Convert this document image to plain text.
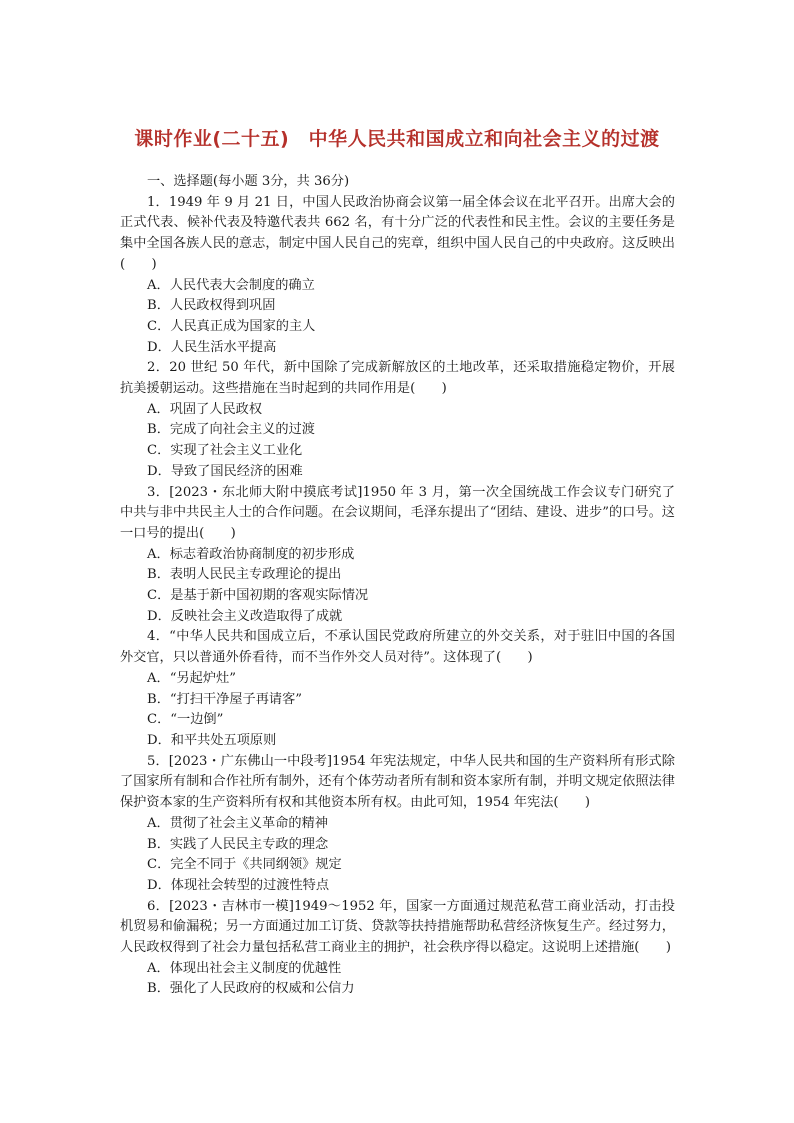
课时作业(二十五)　中华人民共和国成立和向社会主义的过渡

一、选择题(每小题 3分，共 36分)

1．1949 年 9 月 21 日，中国人民政治协商会议第一届全体会议在北平召开。出席大会的正式代表、候补代表及特邀代表共 662 名，有十分广泛的代表性和民主性。会议的主要任务是集中全国各族人民的意志，制定中国人民自己的宪章，组织中国人民自己的中央政府。这反映出(　　)

A．人民代表大会制度的确立

B．人民政权得到巩固

C．人民真正成为国家的主人

D．人民生活水平提高

2．20 世纪 50 年代，新中国除了完成新解放区的土地改革，还采取措施稳定物价，开展抗美援朝运动。这些措施在当时起到的共同作用是(　　)

A．巩固了人民政权

B．完成了向社会主义的过渡

C．实现了社会主义工业化

D．导致了国民经济的困难

3．[2023・东北师大附中摸底考试]1950 年 3 月，第一次全国统战工作会议专门研究了中共与非中共民主人士的合作问题。在会议期间，毛泽东提出了“团结、建设、进步”的口号。这一口号的提出(　　)

A．标志着政治协商制度的初步形成

B．表明人民民主专政理论的提出

C．是基于新中国初期的客观实际情况

D．反映社会主义改造取得了成就

4．“中华人民共和国成立后，不承认国民党政府所建立的外交关系，对于驻旧中国的各国外交官，只以普通外侨看待，而不当作外交人员对待”。这体现了(　　)

A．“另起炉灶”

B．“打扫干净屋子再请客”

C．“一边倒”

D．和平共处五项原则

5．[2023・广东佛山一中段考]1954 年宪法规定，中华人民共和国的生产资料所有形式除了国家所有制和合作社所有制外，还有个体劳动者所有制和资本家所有制，并明文规定依照法律保护资本家的生产资料所有权和其他资本所有权。由此可知，1954 年宪法(　　)

A．贯彻了社会主义革命的精神

B．实践了人民民主专政的理念

C．完全不同于《共同纲领》规定

D．体现社会转型的过渡性特点

6．[2023・吉林市一模]1949～1952 年，国家一方面通过规范私营工商业活动，打击投机贸易和偷漏税；另一方面通过加工订货、贷款等扶持措施帮助私营经济恢复生产。经过努力，人民政权得到了社会力量包括私营工商业主的拥护，社会秩序得以稳定。这说明上述措施(　　)

A．体现出社会主义制度的优越性

B．强化了人民政府的权威和公信力
